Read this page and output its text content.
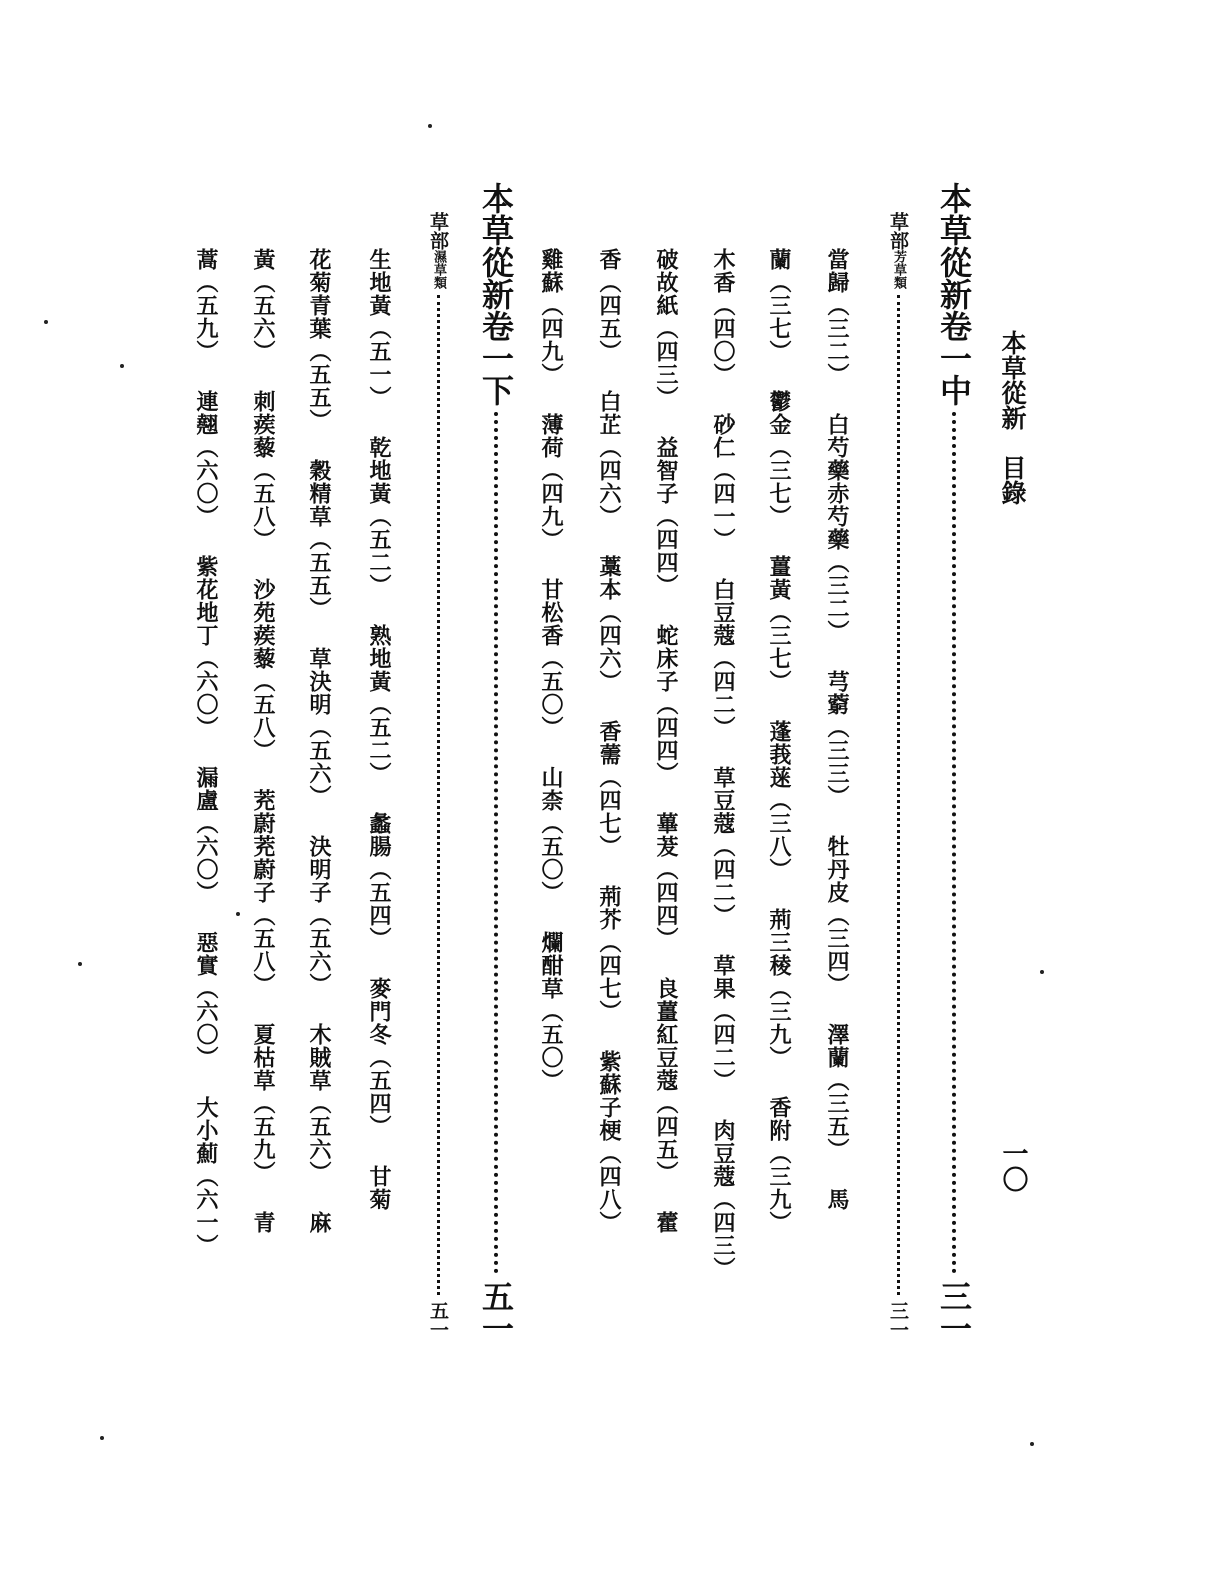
本草從新　目錄
一〇
本草從新卷一中三一
草部芳草類三一
當歸（三二） 白芍藥赤芍藥（三二） 芎藭（三三） 牡丹皮（三四） 澤蘭（三五） 馬
蘭（三七） 鬱金（三七） 薑黃（三七） 蓬莪蒾（三八） 荊三稜（三九） 香附（三九）
木香（四〇） 砂仁（四一） 白豆蔻（四二） 草豆蔻（四二） 草果（四二） 肉豆蔻（四三）
破故紙（四三） 益智子（四四） 蛇床子（四四） 蓽茇（四四） 良薑紅豆蔻（四五） 藿
香（四五） 白芷（四六） 藁本（四六） 香薷（四七） 荊芥（四七） 紫蘇子梗（四八）
雞蘇（四九） 薄荷（四九） 甘松香（五〇） 山柰（五〇） 爛酣草（五〇）
本草從新卷一下五一
草部濕草類五一
生地黃（五一） 乾地黃（五二） 熟地黃（五二） 蠡腸（五四） 麥門冬（五四） 甘菊
花菊青葉（五五） 穀精草（五五） 草決明（五六） 決明子（五六） 木賊草（五六） 麻
黃（五六） 刺蒺藜（五八） 沙苑蒺藜（五八） 茺蔚茺蔚子（五八） 夏枯草（五九） 青
蒿（五九） 連翹（六〇） 紫花地丁（六〇） 漏盧（六〇） 惡實（六〇） 大小薊（六一）
